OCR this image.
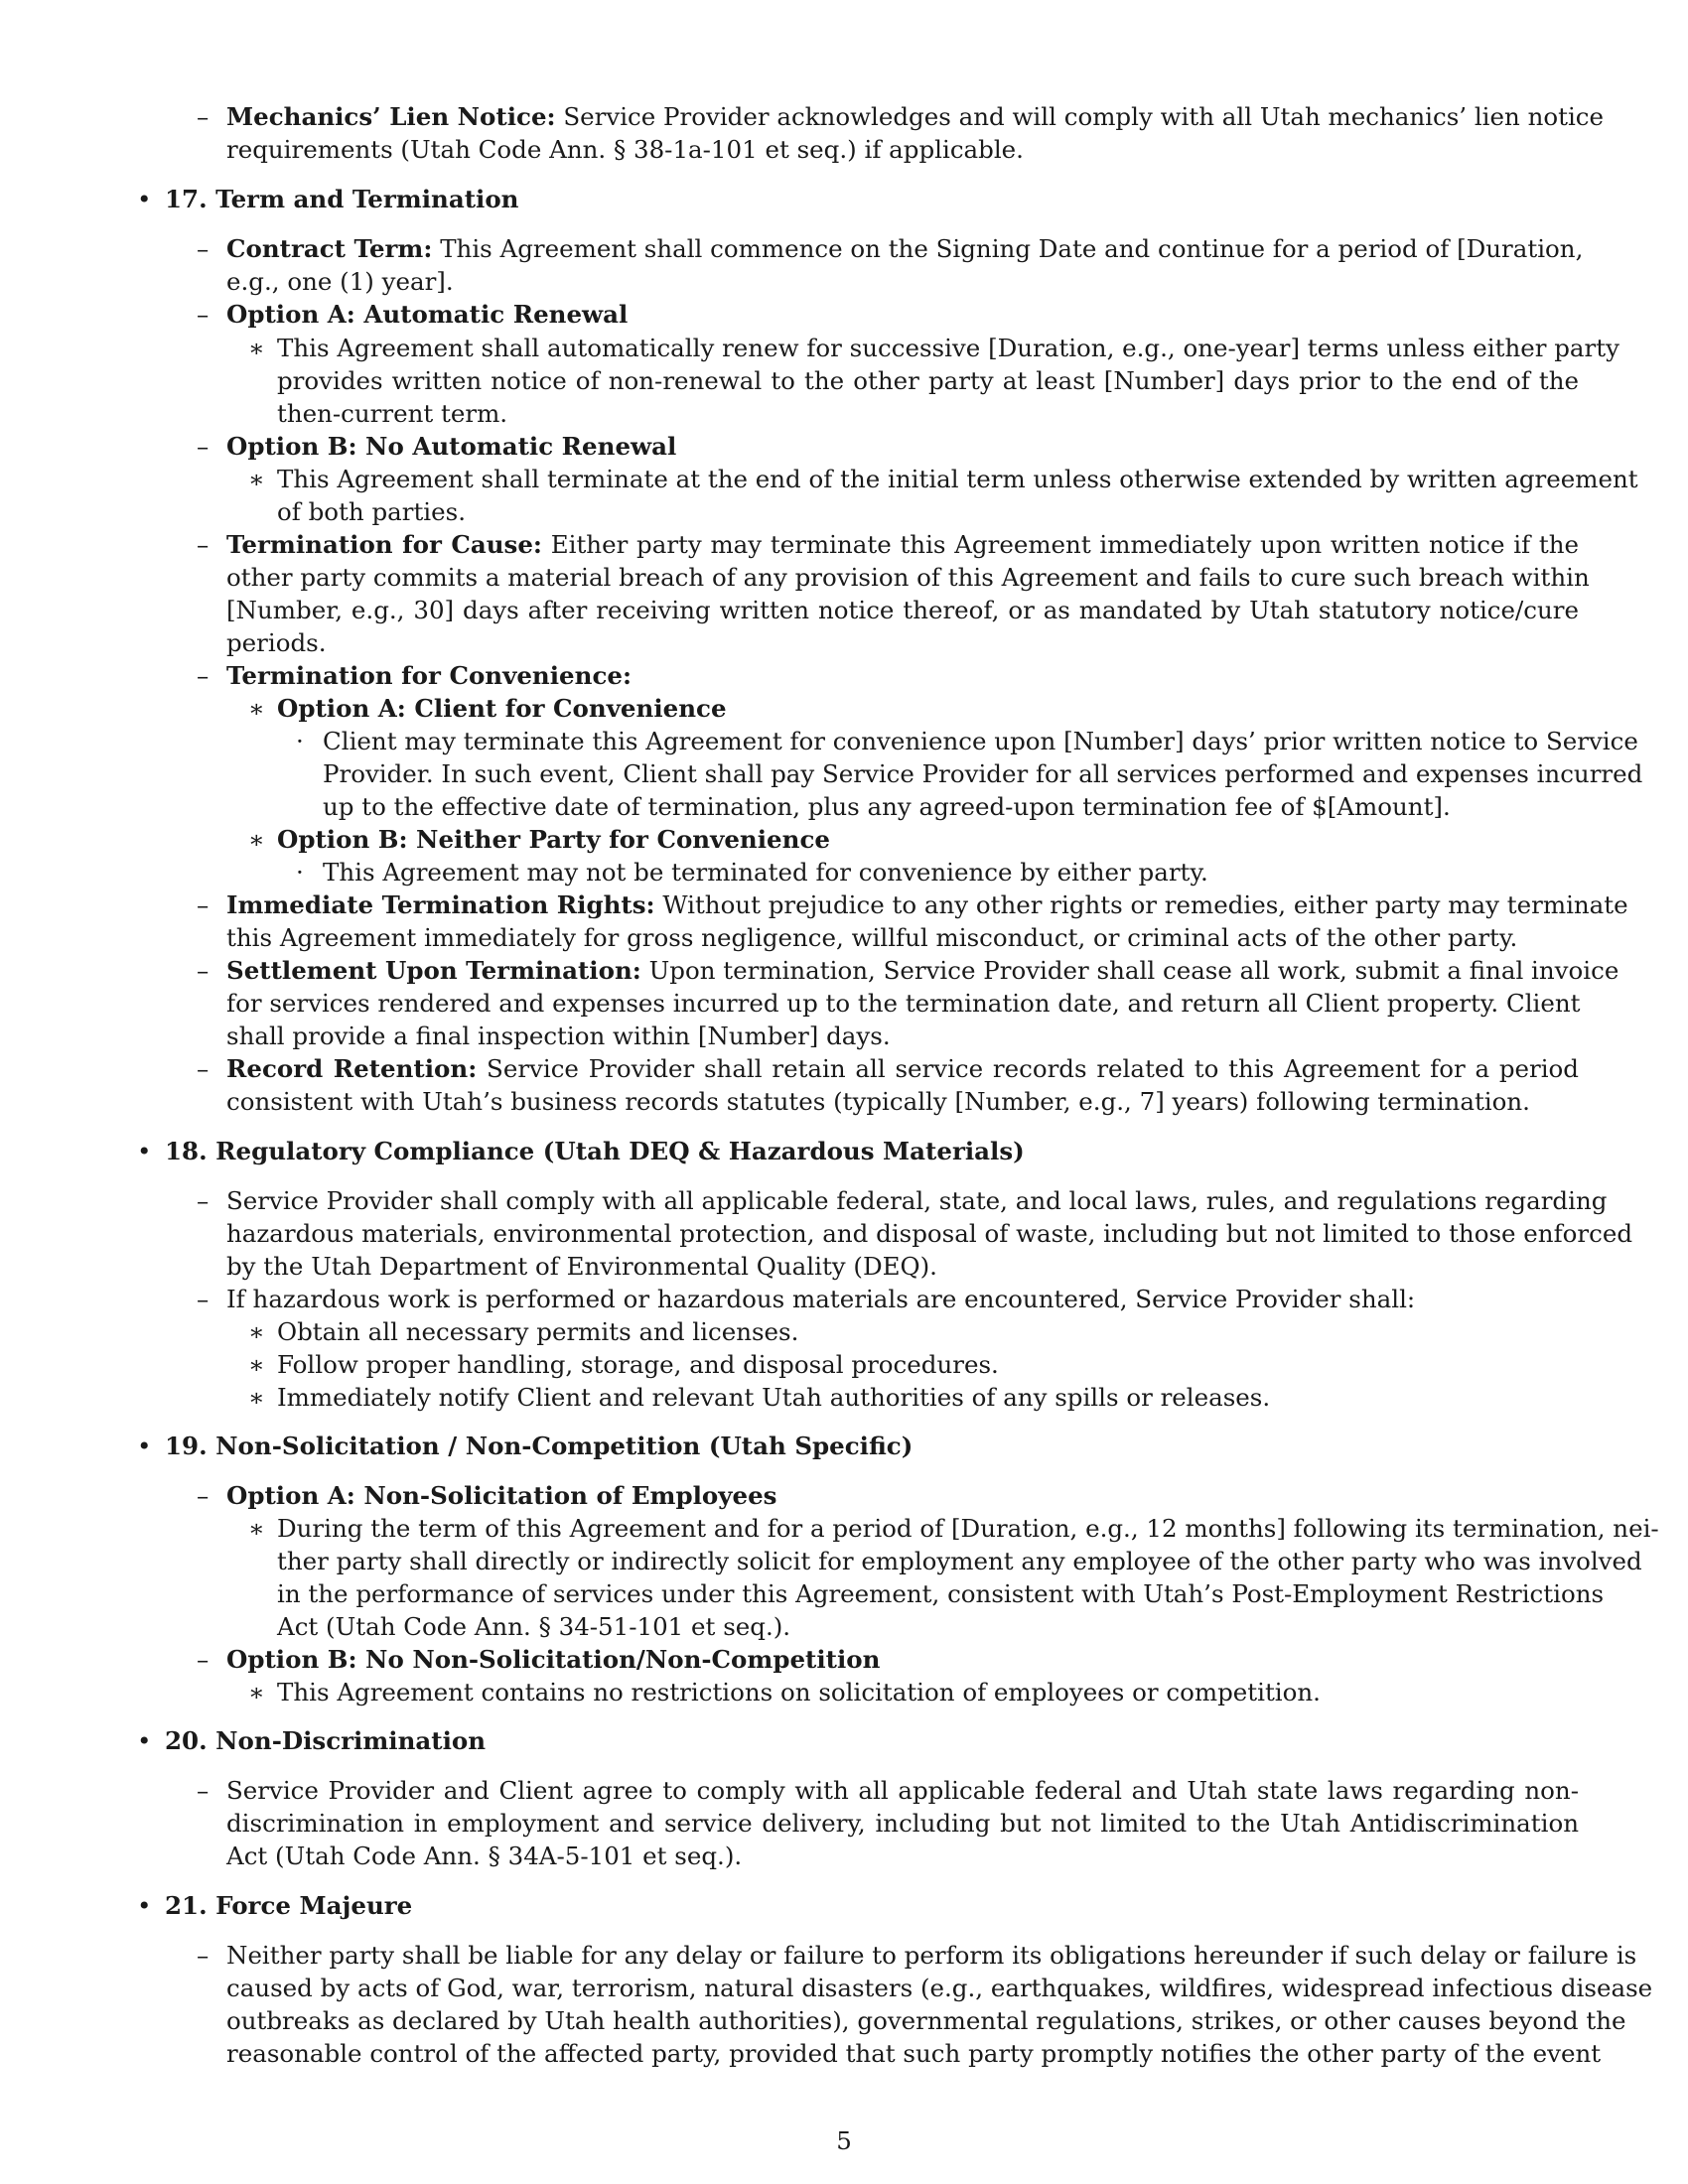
– Mechanics’ Lien Notice: Service Provider acknowledges and will comply with all Utah mechanics’ lien notice
requirements (Utah Code Ann. § 38-1a-101 et seq.) if applicable.
• 17. Term and Termination
– Contract Term: This Agreement shall commence on the Signing Date and continue for a period of [Duration,
e.g., one (1) year].
– Option A: Automatic Renewal
∗ This Agreement shall automatically renew for successive [Duration, e.g., one-year] terms unless either party
provides written notice of non-renewal to the other party at least [Number] days prior to the end of the
then-current term.
– Option B: No Automatic Renewal
∗ This Agreement shall terminate at the end of the initial term unless otherwise extended by written agreement
of both parties.
– Termination for Cause: Either party may terminate this Agreement immediately upon written notice if the
other party commits a material breach of any provision of this Agreement and fails to cure such breach within
[Number, e.g., 30] days after receiving written notice thereof, or as mandated by Utah statutory notice/cure
periods.
– Termination for Convenience:
∗ Option A: Client for Convenience
· Client may terminate this Agreement for convenience upon [Number] days’ prior written notice to Service
Provider. In such event, Client shall pay Service Provider for all services performed and expenses incurred
up to the effective date of termination, plus any agreed-upon termination fee of $[Amount].
∗ Option B: Neither Party for Convenience
· This Agreement may not be terminated for convenience by either party.
– Immediate Termination Rights: Without prejudice to any other rights or remedies, either party may terminate
this Agreement immediately for gross negligence, willful misconduct, or criminal acts of the other party.
– Settlement Upon Termination: Upon termination, Service Provider shall cease all work, submit a final invoice
for services rendered and expenses incurred up to the termination date, and return all Client property. Client
shall provide a final inspection within [Number] days.
– Record Retention: Service Provider shall retain all service records related to this Agreement for a period
consistent with Utah’s business records statutes (typically [Number, e.g., 7] years) following termination.
• 18. Regulatory Compliance (Utah DEQ & Hazardous Materials)
– Service Provider shall comply with all applicable federal, state, and local laws, rules, and regulations regarding
hazardous materials, environmental protection, and disposal of waste, including but not limited to those enforced
by the Utah Department of Environmental Quality (DEQ).
– If hazardous work is performed or hazardous materials are encountered, Service Provider shall:
∗ Obtain all necessary permits and licenses.
∗ Follow proper handling, storage, and disposal procedures.
∗ Immediately notify Client and relevant Utah authorities of any spills or releases.
• 19. Non-Solicitation / Non-Competition (Utah Specific)
– Option A: Non-Solicitation of Employees
∗ During the term of this Agreement and for a period of [Duration, e.g., 12 months] following its termination, nei-
ther party shall directly or indirectly solicit for employment any employee of the other party who was involved
in the performance of services under this Agreement, consistent with Utah’s Post-Employment Restrictions
Act (Utah Code Ann. § 34-51-101 et seq.).
– Option B: No Non-Solicitation/Non-Competition
∗ This Agreement contains no restrictions on solicitation of employees or competition.
• 20. Non-Discrimination
– Service Provider and Client agree to comply with all applicable federal and Utah state laws regarding non-
discrimination in employment and service delivery, including but not limited to the Utah Antidiscrimination
Act (Utah Code Ann. § 34A-5-101 et seq.).
• 21. Force Majeure
– Neither party shall be liable for any delay or failure to perform its obligations hereunder if such delay or failure is
caused by acts of God, war, terrorism, natural disasters (e.g., earthquakes, wildfires, widespread infectious disease
outbreaks as declared by Utah health authorities), governmental regulations, strikes, or other causes beyond the
reasonable control of the affected party, provided that such party promptly notifies the other party of the event
5
